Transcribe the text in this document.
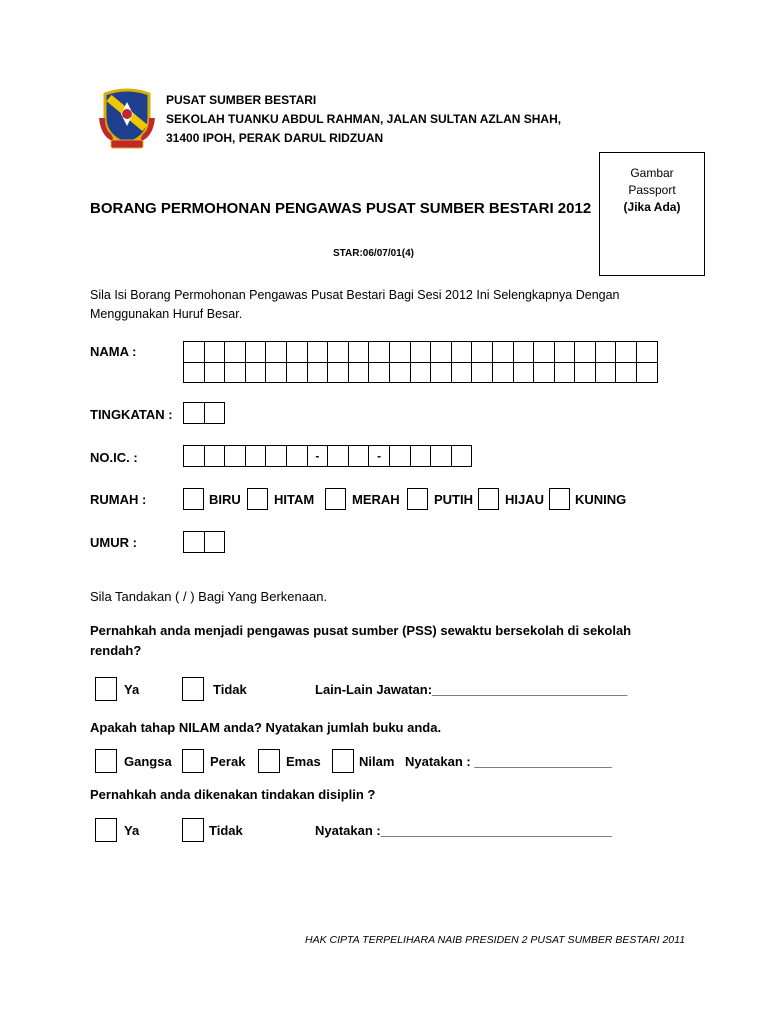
PUSAT SUMBER BESTARI
SEKOLAH TUANKU ABDUL RAHMAN, JALAN SULTAN AZLAN SHAH,
31400 IPOH, PERAK DARUL RIDZUAN
Gambar
Passport
(Jika Ada)
BORANG PERMOHONAN PENGAWAS PUSAT SUMBER BESTARI 2012
STAR:06/07/01(4)
Sila Isi Borang Permohonan Pengawas Pusat Bestari Bagi Sesi 2012 Ini Selengkapnya Dengan Menggunakan Huruf Besar.
NAMA :
TINGKATAN :
NO.IC. :	-	-
RUMAH :	BIRU	HITAM	MERAH	PUTIH	HIJAU	KUNING
UMUR :
Sila Tandakan ( / ) Bagi Yang Berkenaan.
Pernahkah anda menjadi pengawas pusat sumber (PSS) sewaktu bersekolah di sekolah rendah?
Ya	Tidak	Lain-Lain Jawatan:___________________________
Apakah tahap NILAM anda? Nyatakan jumlah buku anda.
Gangsa	Perak	Emas	Nilam Nyatakan : ___________________
Pernahkah anda dikenakan tindakan disiplin ?
Ya	Tidak	Nyatakan :________________________________
HAK CIPTA TERPELIHARA NAIB PRESIDEN 2 PUSAT SUMBER BESTARI 2011
